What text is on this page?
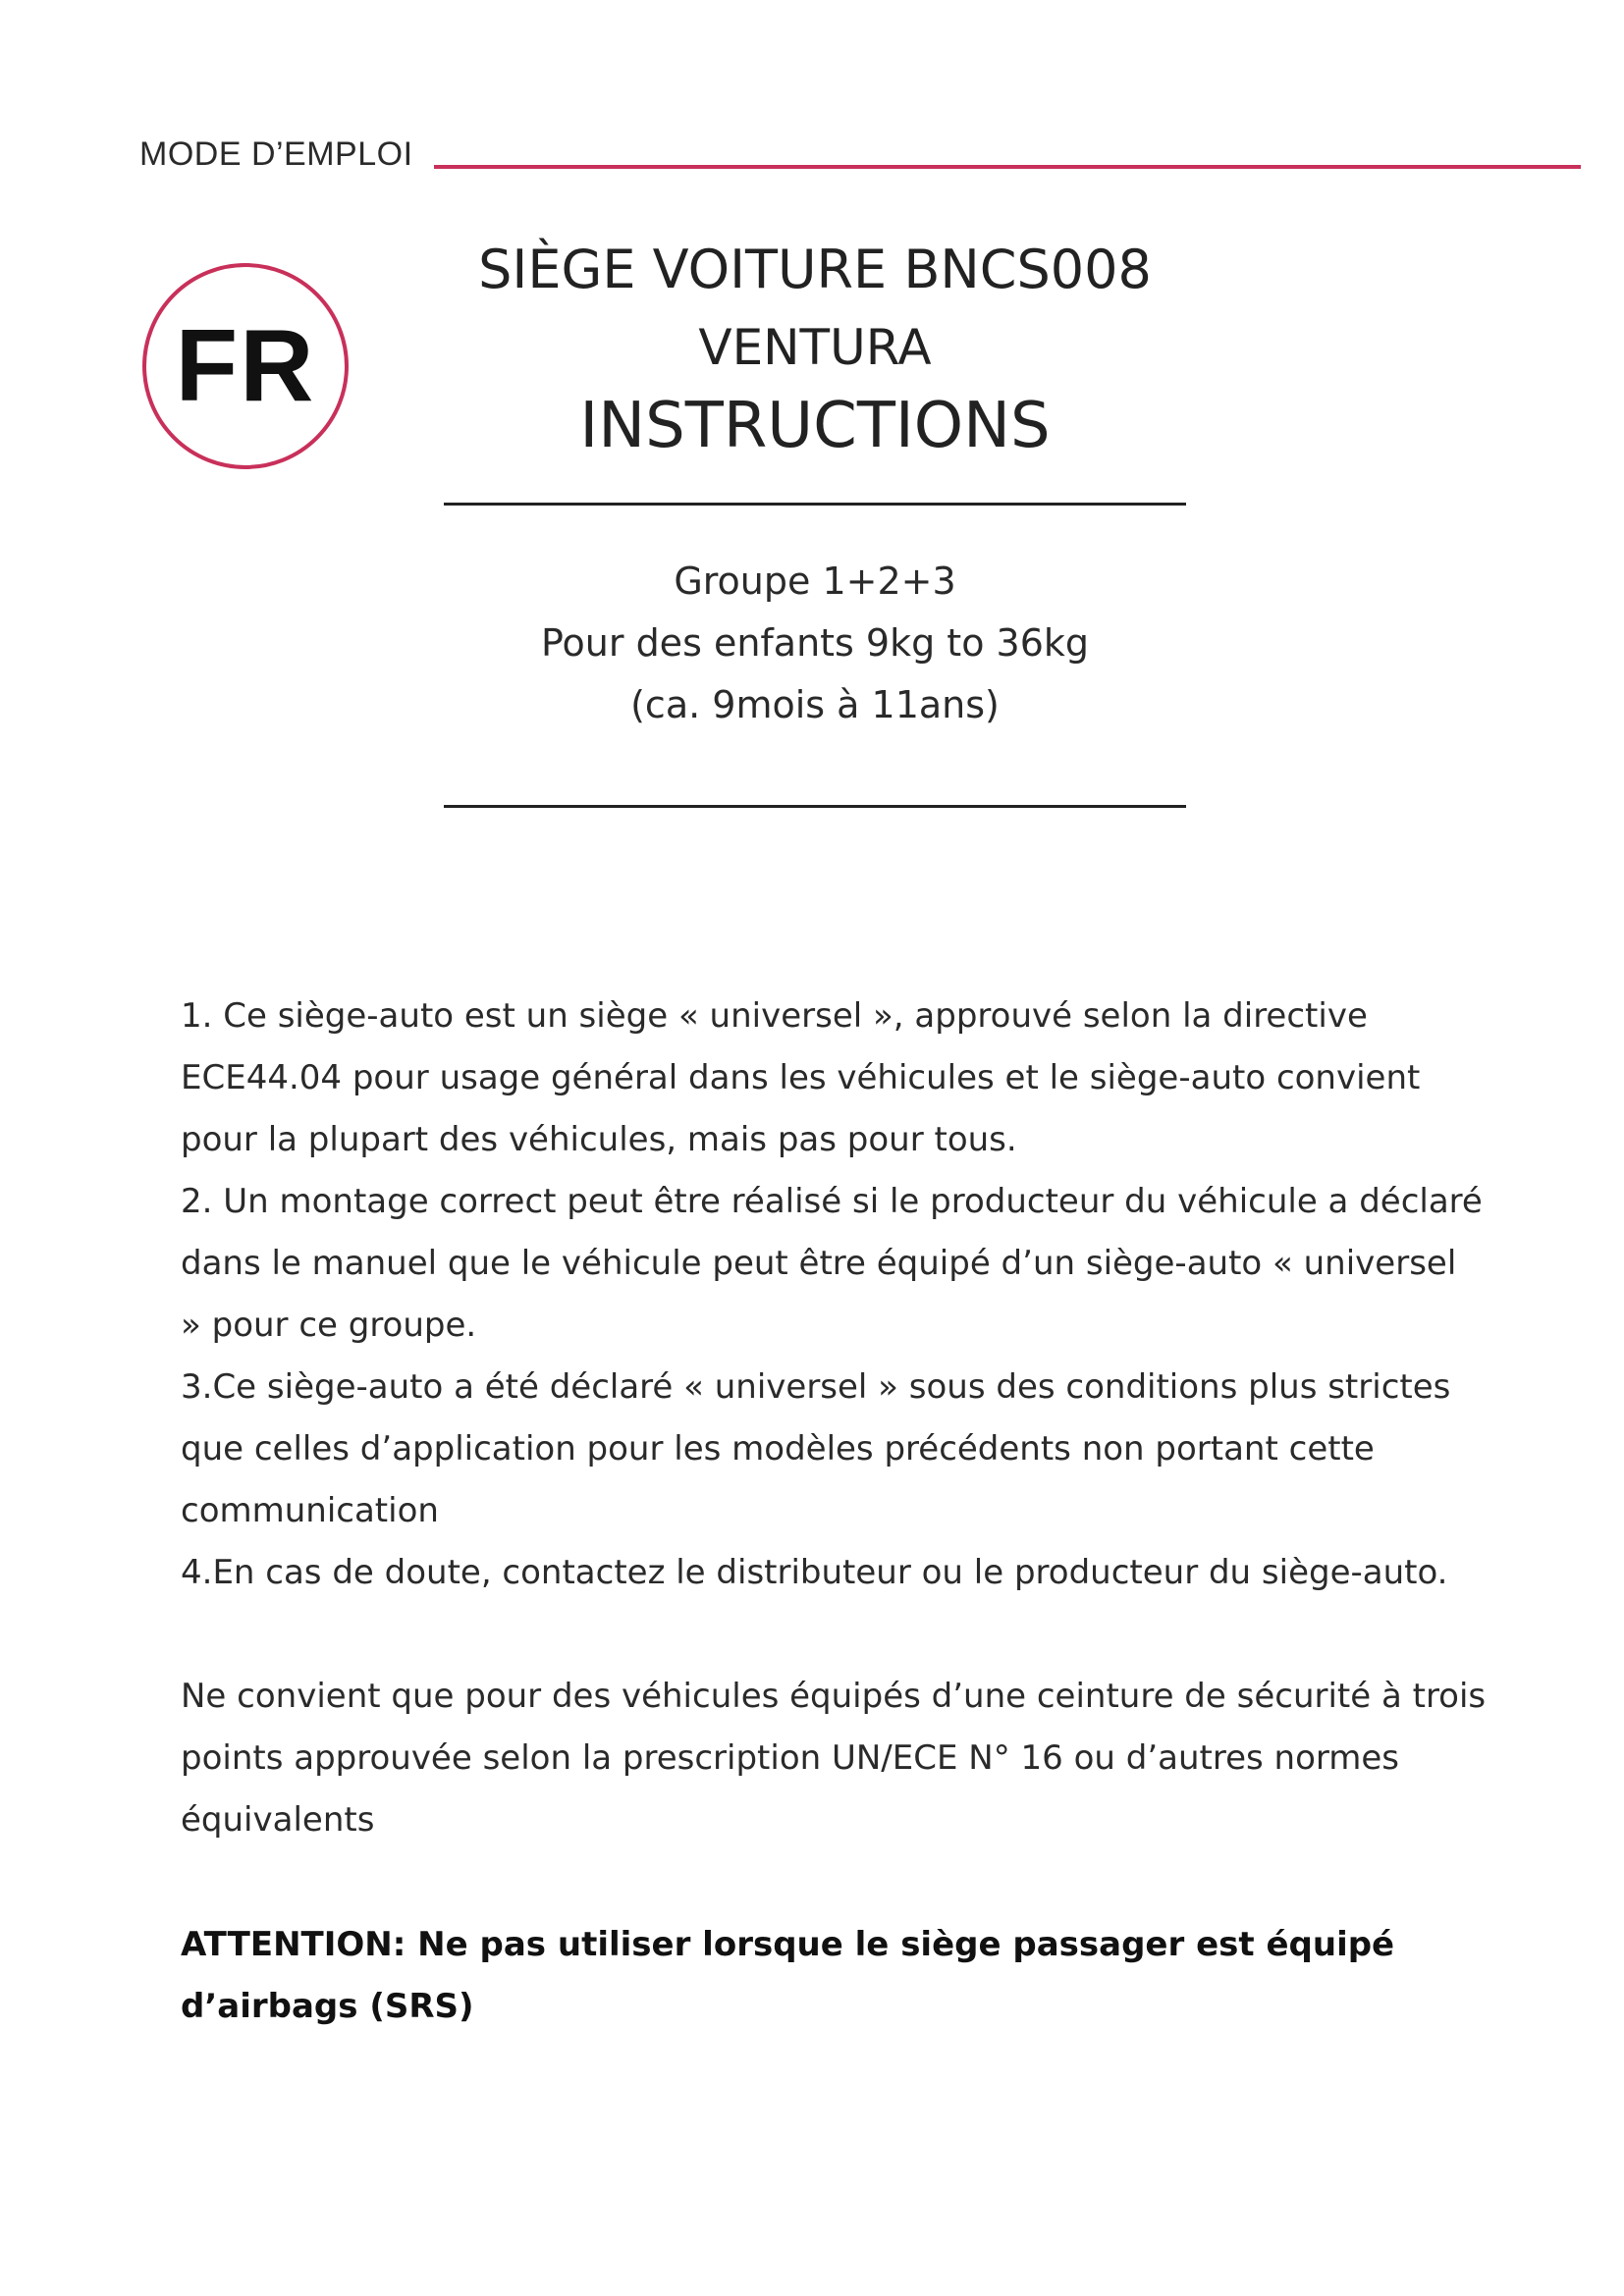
MODE D’EMPLOI
FR
SIÈGE VOITURE BNCS008
VENTURA
INSTRUCTIONS
Groupe 1+2+3
Pour des enfants 9kg to 36kg
(ca. 9mois à 11ans)

1. Ce siège-auto est un siège « universel », approuvé selon la directive ECE44.04 pour usage général dans les véhicules et le siège-auto convient pour la plupart des véhicules, mais pas pour tous.

2. Un montage correct peut être réalisé si le producteur du véhicule a déclaré dans le manuel que le véhicule peut être équipé d’un siège-auto « universel » pour ce groupe.

3.Ce siège-auto a été déclaré « universel » sous des conditions plus strictes que celles d’application pour les modèles précédents non portant cette communication

4.En cas de doute, contactez le distributeur ou le producteur du siège-auto.

Ne convient que pour des véhicules équipés d’une ceinture de sécurité à trois points approuvée selon la prescription UN/ECE N° 16 ou d’autres normes équivalents

ATTENTION: Ne pas utiliser lorsque le siège passager est équipé d’airbags (SRS)
